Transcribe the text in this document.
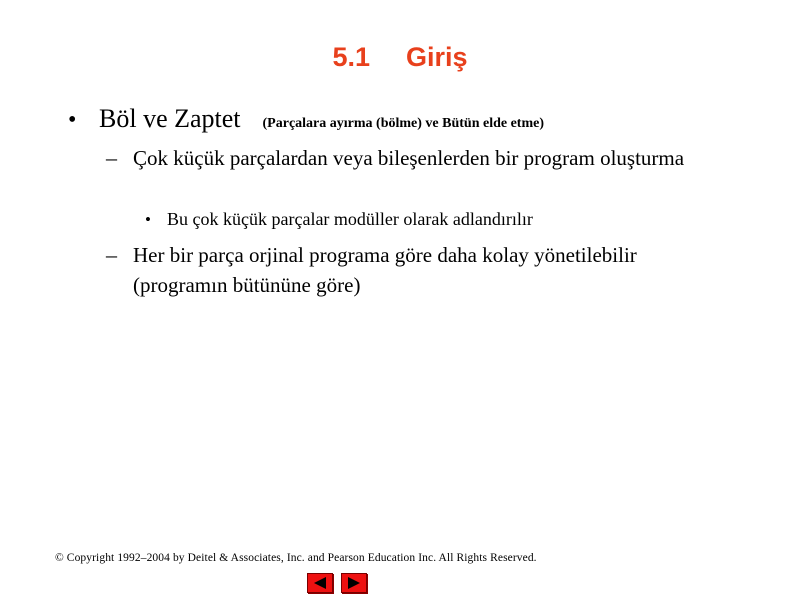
5.1 Giriş
• Böl ve Zaptet (Parçalara ayırma (bölme) ve Bütün elde etme)
– Çok küçük parçalardan veya bileşenlerden bir program oluşturma
• Bu çok küçük parçalar modüller olarak adlandırılır
– Her bir parça orjinal programa göre daha kolay yönetilebilir (programın bütününe göre)
© Copyright 1992–2004 by Deitel & Associates, Inc. and Pearson Education Inc. All Rights Reserved.
